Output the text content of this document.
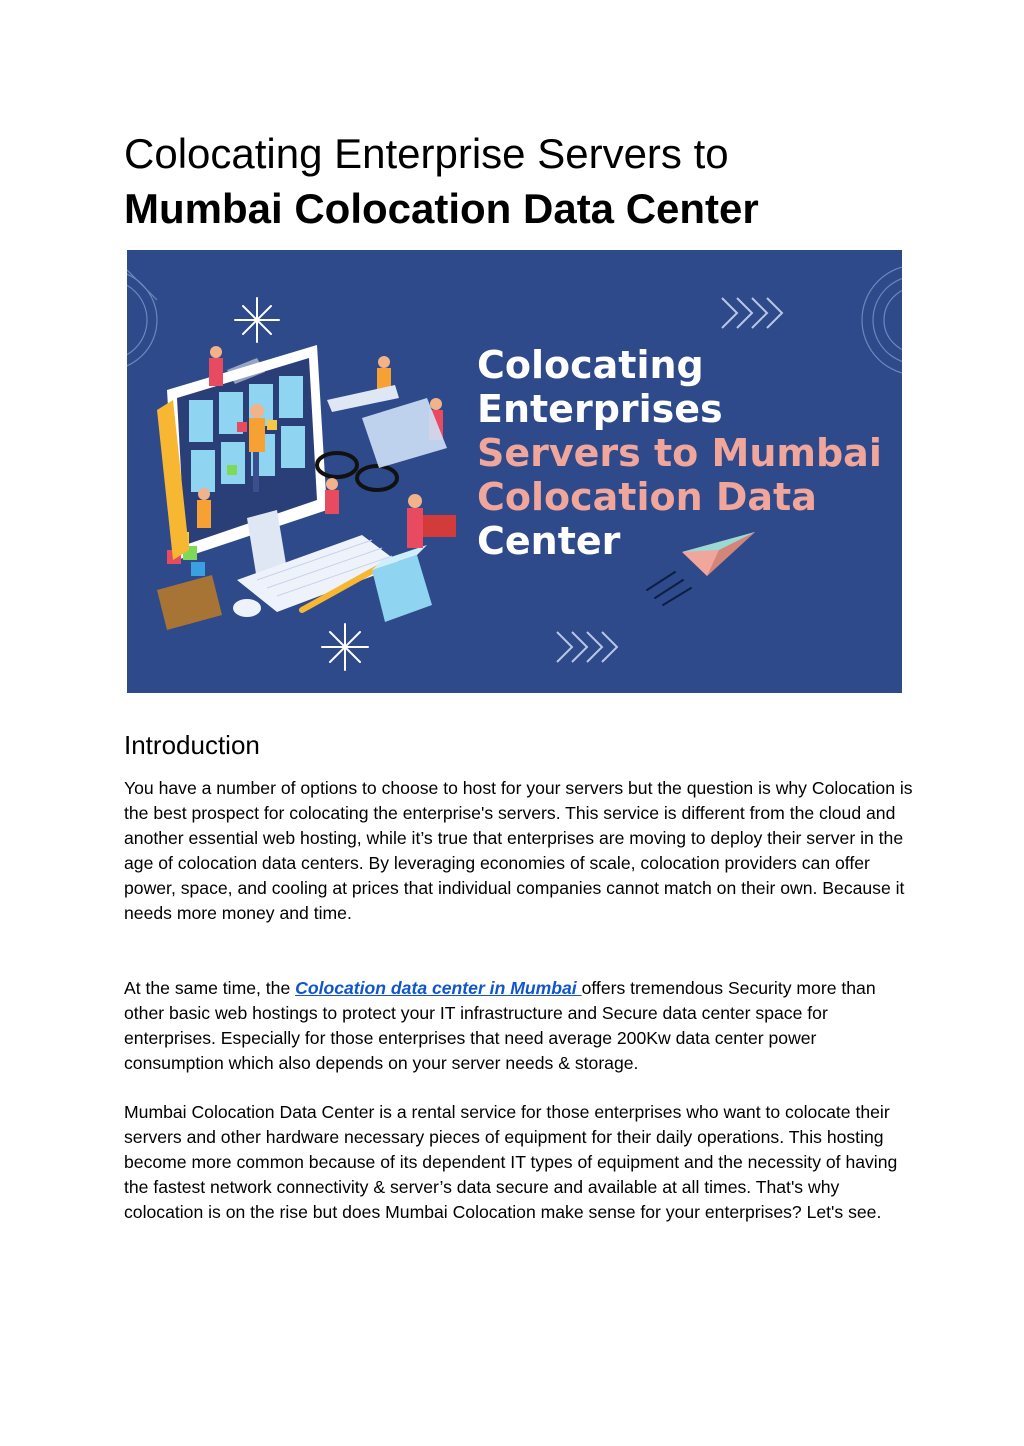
Colocating Enterprise Servers to
Mumbai Colocation Data Center
Colocating
Enterprises
Servers to Mumbai
Colocation Data
Center
Introduction

You have a number of options to choose to host for your servers but the question is why Colocation is the best prospect for colocating the enterprise's servers. This service is different from the cloud and another essential web hosting, while it’s true that enterprises are moving to deploy their server in the age of colocation data centers. By leveraging economies of scale, colocation providers can offer power, space, and cooling at prices that individual companies cannot match on their own. Because it needs more money and time.

At the same time, the Colocation data center in Mumbai offers tremendous Security more than other basic web hostings to protect your IT infrastructure and Secure data center space for enterprises. Especially for those enterprises that need average 200Kw data center power consumption which also depends on your server needs & storage.

Mumbai Colocation Data Center is a rental service for those enterprises who want to colocate their servers and other hardware necessary pieces of equipment for their daily operations. This hosting become more common because of its dependent IT types of equipment and the necessity of having the fastest network connectivity & server’s data secure and available at all times. That's why colocation is on the rise but does Mumbai Colocation make sense for your enterprises? Let's see.
